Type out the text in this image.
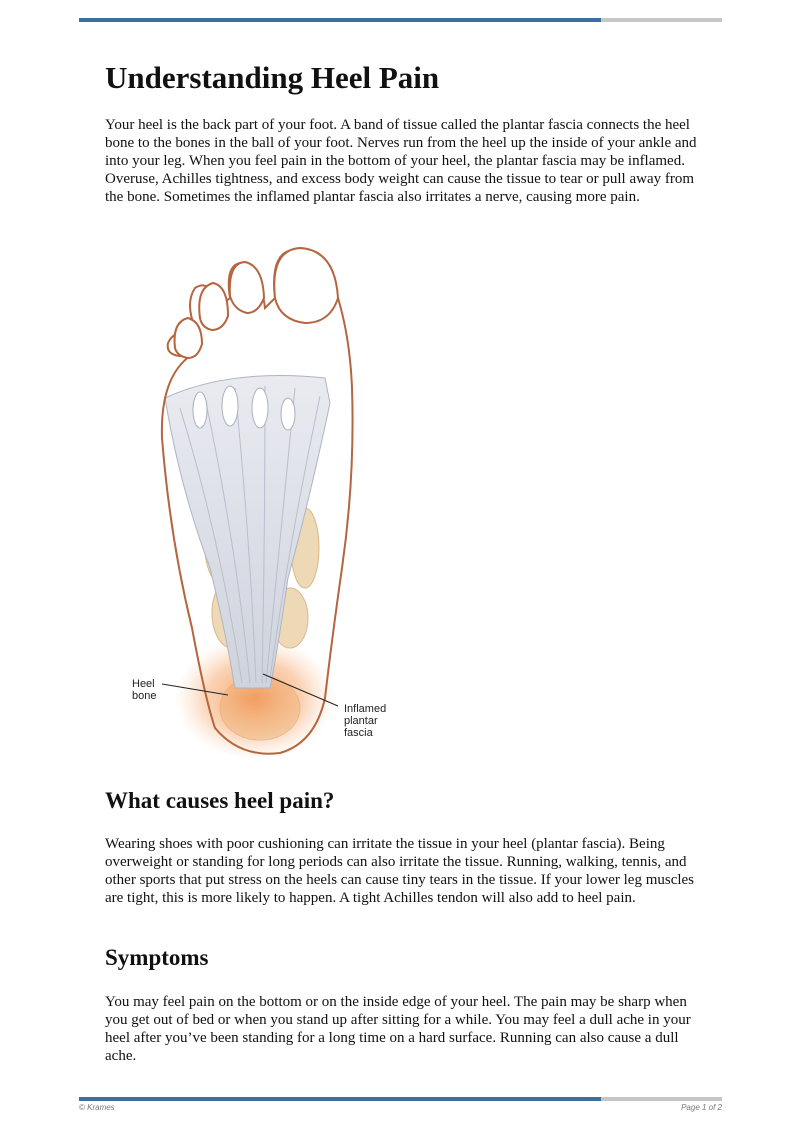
Understanding Heel Pain

Your heel is the back part of your foot. A band of tissue called the plantar fascia connects the heel bone to the bones in the ball of your foot. Nerves run from the heel up the inside of your ankle and into your leg. When you feel pain in the bottom of your heel, the plantar fascia may be inflamed. Overuse, Achilles tightness, and excess body weight can cause the tissue to tear or pull away from the bone. Sometimes the inflamed plantar fascia also irritates a nerve, causing more pain.

Heel
bone
Inflamed
plantar
fascia
What causes heel pain?

Wearing shoes with poor cushioning can irritate the tissue in your heel (plantar fascia). Being overweight or standing for long periods can also irritate the tissue. Running, walking, tennis, and other sports that put stress on the heels can cause tiny tears in the tissue. If your lower leg muscles are tight, this is more likely to happen. A tight Achilles tendon will also add to heel pain.

Symptoms

You may feel pain on the bottom or on the inside edge of your heel. The pain may be sharp when you get out of bed or when you stand up after sitting for a while. You may feel a dull ache in your heel after you’ve been standing for a long time on a hard surface. Running can also cause a dull ache.

© Krames	Page 1 of 2
